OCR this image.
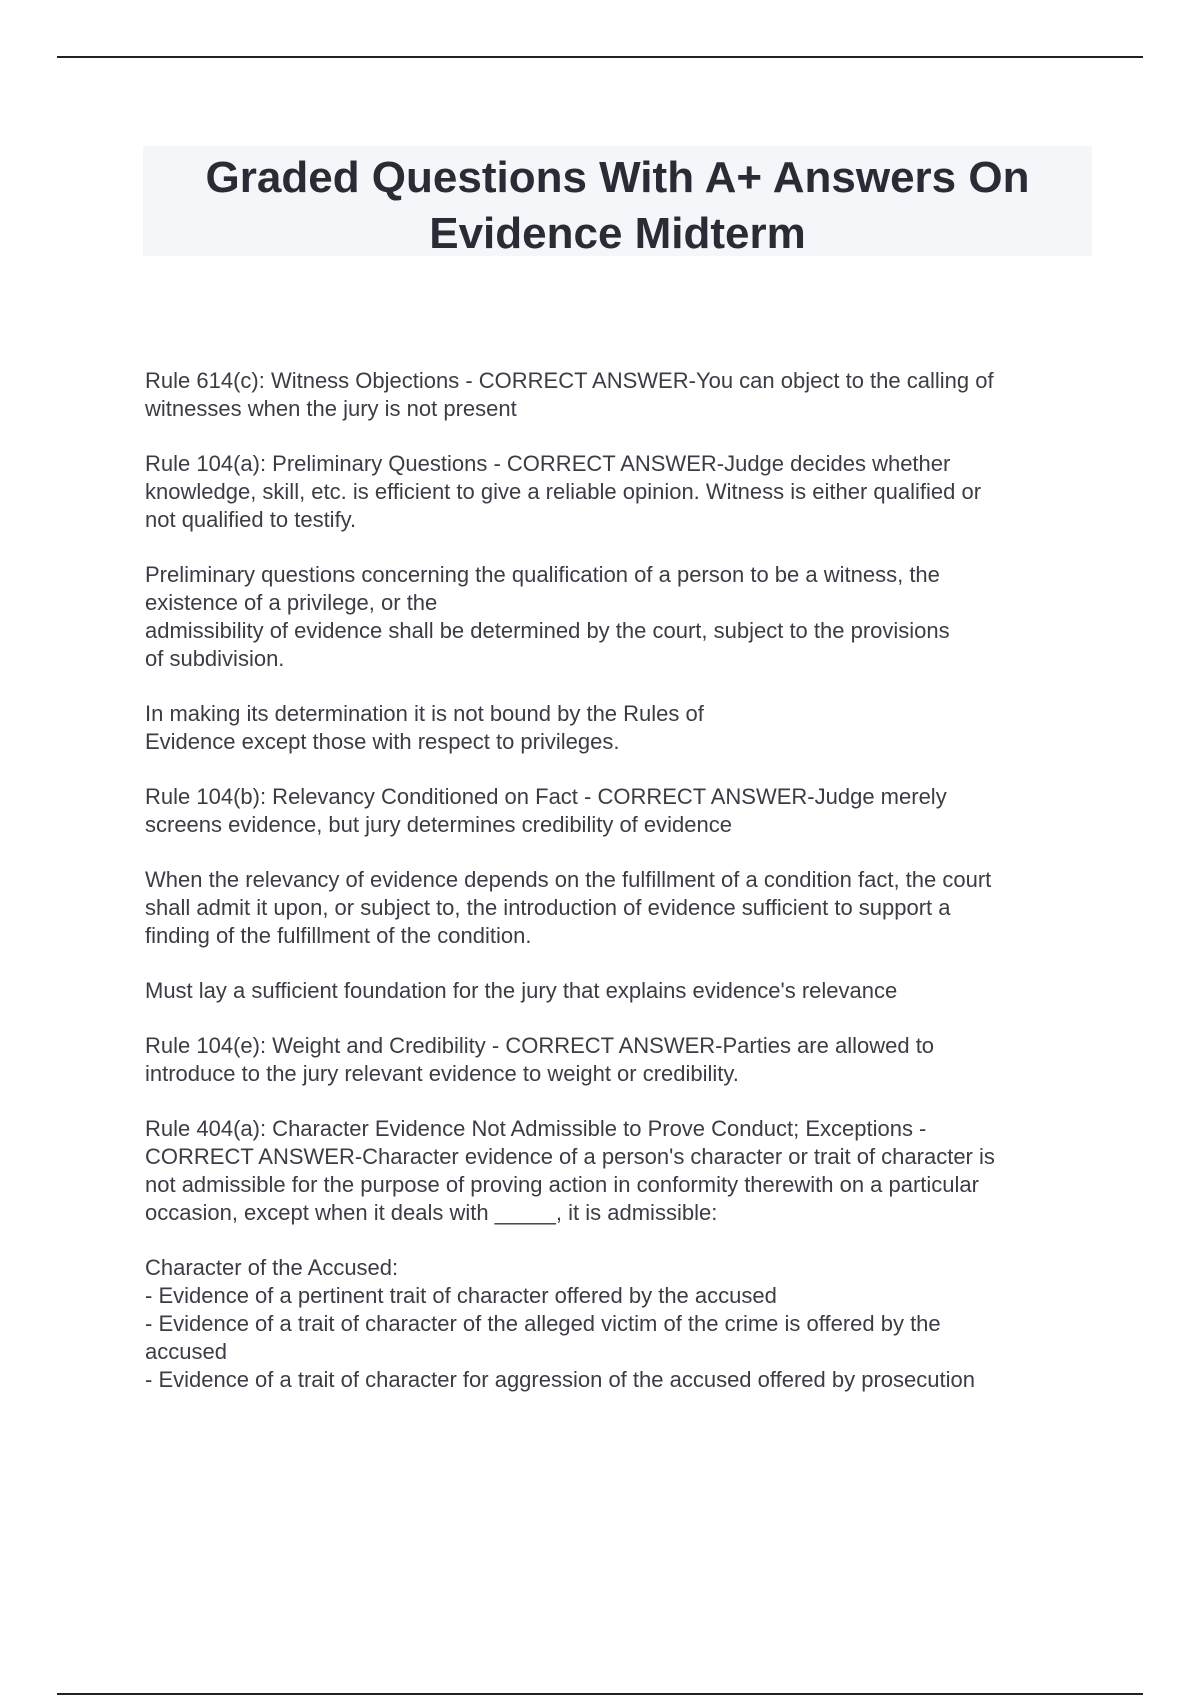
Graded Questions With A+ Answers On
Evidence Midterm

Rule 614(c): Witness Objections - CORRECT ANSWER-You can object to the calling of
witnesses when the jury is not present

Rule 104(a): Preliminary Questions - CORRECT ANSWER-Judge decides whether
knowledge, skill, etc. is efficient to give a reliable opinion. Witness is either qualified or
not qualified to testify.

Preliminary questions concerning the qualification of a person to be a witness, the
existence of a privilege, or the
admissibility of evidence shall be determined by the court, subject to the provisions
of subdivision.

In making its determination it is not bound by the Rules of
Evidence except those with respect to privileges.

Rule 104(b): Relevancy Conditioned on Fact - CORRECT ANSWER-Judge merely
screens evidence, but jury determines credibility of evidence

When the relevancy of evidence depends on the fulfillment of a condition fact, the court
shall admit it upon, or subject to, the introduction of evidence sufficient to support a
finding of the fulfillment of the condition.

Must lay a sufficient foundation for the jury that explains evidence's relevance

Rule 104(e): Weight and Credibility - CORRECT ANSWER-Parties are allowed to
introduce to the jury relevant evidence to weight or credibility.

Rule 404(a): Character Evidence Not Admissible to Prove Conduct; Exceptions -
CORRECT ANSWER-Character evidence of a person's character or trait of character is
not admissible for the purpose of proving action in conformity therewith on a particular
occasion, except when it deals with _____, it is admissible:

Character of the Accused:
- Evidence of a pertinent trait of character offered by the accused
- Evidence of a trait of character of the alleged victim of the crime is offered by the
accused
- Evidence of a trait of character for aggression of the accused offered by prosecution
